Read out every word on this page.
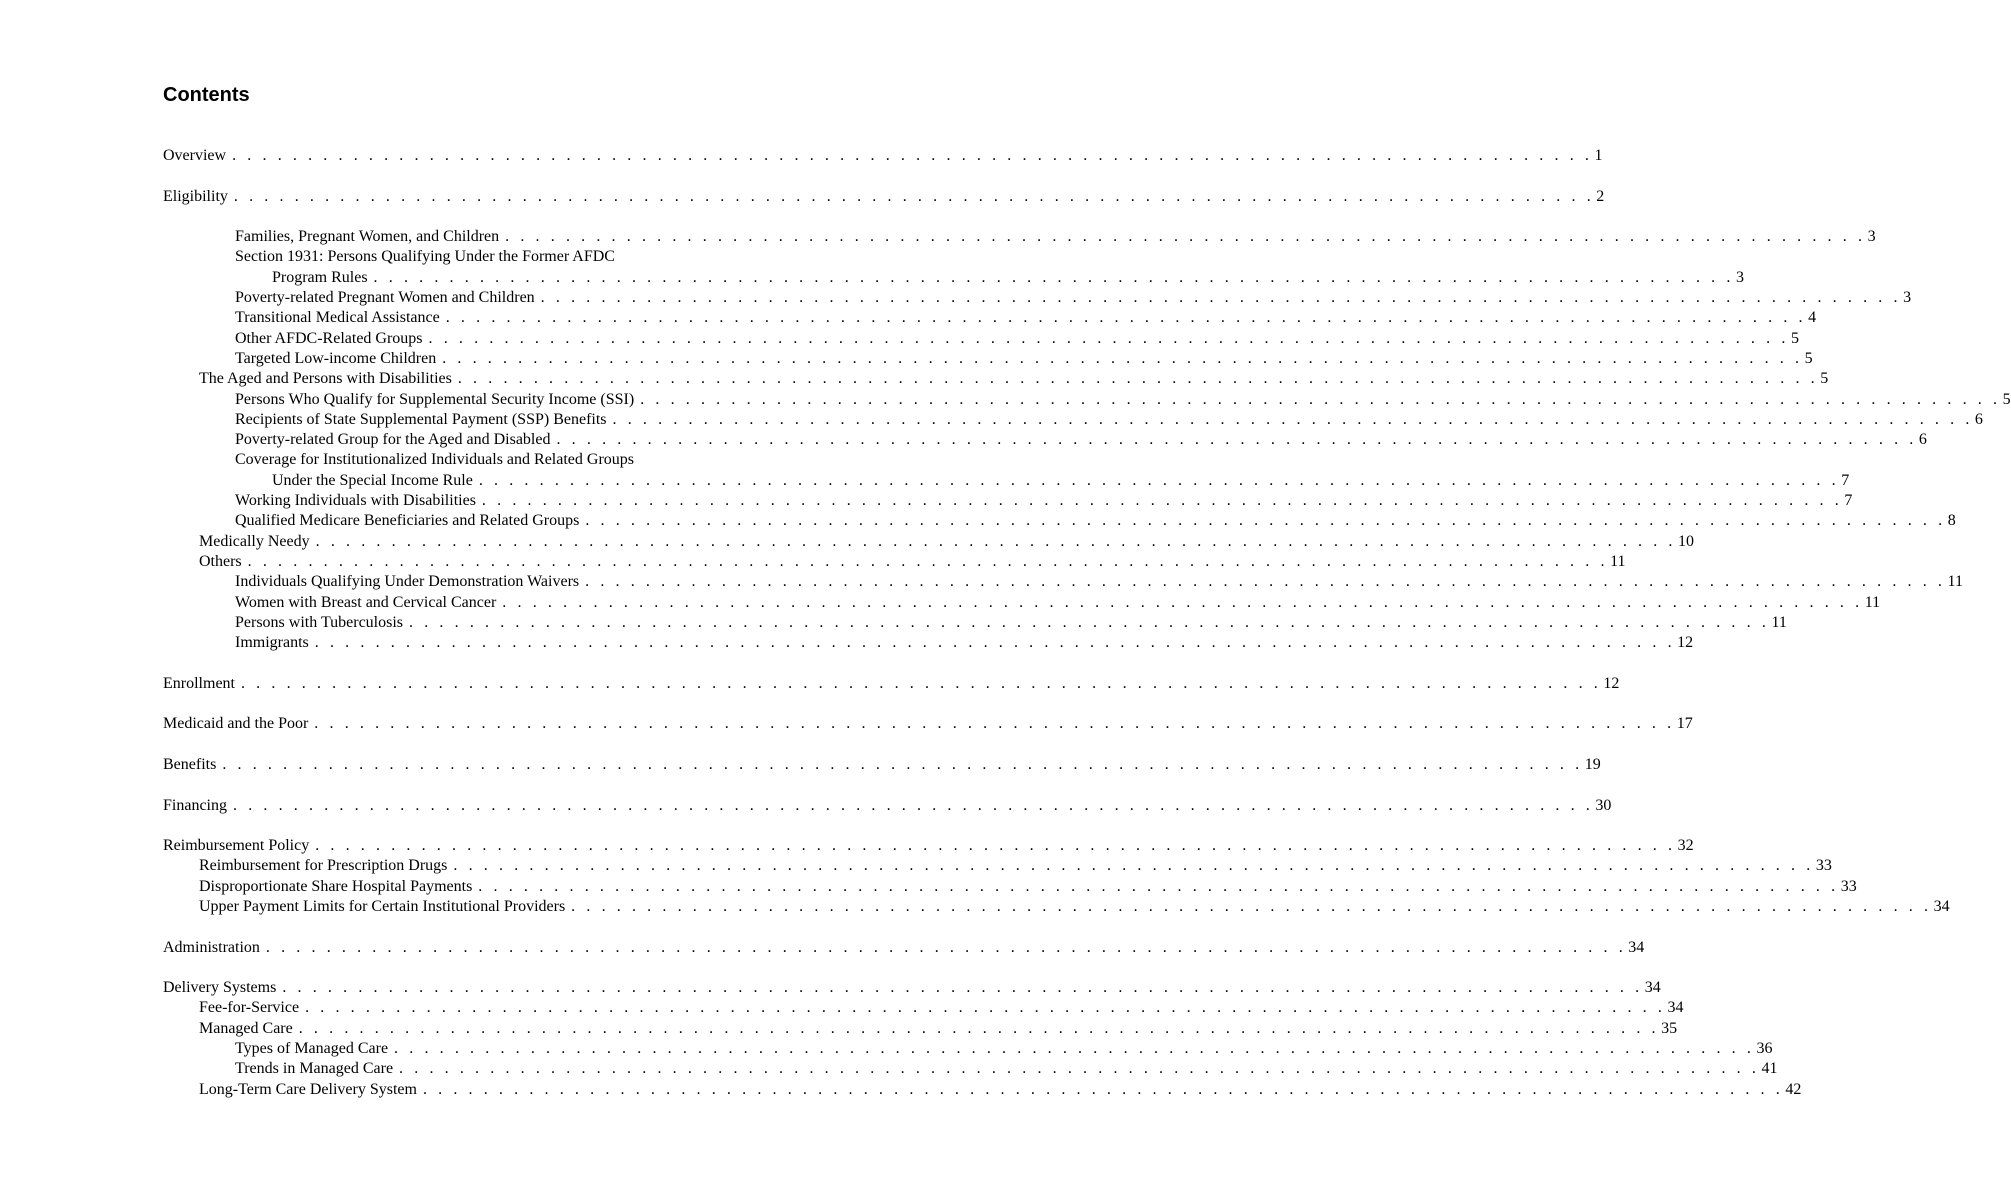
Contents
Overview . . . . . . . . . . . . . . . . . . . . . . . . . . . . . . . . . . . . . . . . . . . . . . . . . . . . . . . . . . . . . . . . . . . . . . . . . . . . . . . . . . . . . . . . . . 1
Eligibility . . . . . . . . . . . . . . . . . . . . . . . . . . . . . . . . . . . . . . . . . . . . . . . . . . . . . . . . . . . . . . . . . . . . . . . . . . . . . . . . . . . . . . . . . . 2
Families, Pregnant Women, and Children . . . . . . . . . . . . . . . . . . . . . . . . . . . . . . . . . . . . . . . . . . . . . . . . . . . . . . . . . . . . . . . . . . . . . . . . . . . . . . . . . . . . . . . . . . 3
Section 1931: Persons Qualifying Under the Former AFDC
Program Rules . . . . . . . . . . . . . . . . . . . . . . . . . . . . . . . . . . . . . . . . . . . . . . . . . . . . . . . . . . . . . . . . . . . . . . . . . . . . . . . . . . . . . . . . . . 3
Poverty-related Pregnant Women and Children . . . . . . . . . . . . . . . . . . . . . . . . . . . . . . . . . . . . . . . . . . . . . . . . . . . . . . . . . . . . . . . . . . . . . . . . . . . . . . . . . . . . . . . . . . 3
Transitional Medical Assistance . . . . . . . . . . . . . . . . . . . . . . . . . . . . . . . . . . . . . . . . . . . . . . . . . . . . . . . . . . . . . . . . . . . . . . . . . . . . . . . . . . . . . . . . . . 4
Other AFDC-Related Groups . . . . . . . . . . . . . . . . . . . . . . . . . . . . . . . . . . . . . . . . . . . . . . . . . . . . . . . . . . . . . . . . . . . . . . . . . . . . . . . . . . . . . . . . . . 5
Targeted Low-income Children . . . . . . . . . . . . . . . . . . . . . . . . . . . . . . . . . . . . . . . . . . . . . . . . . . . . . . . . . . . . . . . . . . . . . . . . . . . . . . . . . . . . . . . . . . 5
The Aged and Persons with Disabilities . . . . . . . . . . . . . . . . . . . . . . . . . . . . . . . . . . . . . . . . . . . . . . . . . . . . . . . . . . . . . . . . . . . . . . . . . . . . . . . . . . . . . . . . . . 5
Persons Who Qualify for Supplemental Security Income (SSI) . . . . . . . . . . . . . . . . . . . . . . . . . . . . . . . . . . . . . . . . . . . . . . . . . . . . . . . . . . . . . . . . . . . . . . . . . . . . . . . . . . . . . . . . . . 5
Recipients of State Supplemental Payment (SSP) Benefits . . . . . . . . . . . . . . . . . . . . . . . . . . . . . . . . . . . . . . . . . . . . . . . . . . . . . . . . . . . . . . . . . . . . . . . . . . . . . . . . . . . . . . . . . . 6
Poverty-related Group for the Aged and Disabled . . . . . . . . . . . . . . . . . . . . . . . . . . . . . . . . . . . . . . . . . . . . . . . . . . . . . . . . . . . . . . . . . . . . . . . . . . . . . . . . . . . . . . . . . . 6
Coverage for Institutionalized Individuals and Related Groups
Under the Special Income Rule . . . . . . . . . . . . . . . . . . . . . . . . . . . . . . . . . . . . . . . . . . . . . . . . . . . . . . . . . . . . . . . . . . . . . . . . . . . . . . . . . . . . . . . . . . 7
Working Individuals with Disabilities . . . . . . . . . . . . . . . . . . . . . . . . . . . . . . . . . . . . . . . . . . . . . . . . . . . . . . . . . . . . . . . . . . . . . . . . . . . . . . . . . . . . . . . . . . 7
Qualified Medicare Beneficiaries and Related Groups . . . . . . . . . . . . . . . . . . . . . . . . . . . . . . . . . . . . . . . . . . . . . . . . . . . . . . . . . . . . . . . . . . . . . . . . . . . . . . . . . . . . . . . . . . 8
Medically Needy . . . . . . . . . . . . . . . . . . . . . . . . . . . . . . . . . . . . . . . . . . . . . . . . . . . . . . . . . . . . . . . . . . . . . . . . . . . . . . . . . . . . . . . . . . 10
Others . . . . . . . . . . . . . . . . . . . . . . . . . . . . . . . . . . . . . . . . . . . . . . . . . . . . . . . . . . . . . . . . . . . . . . . . . . . . . . . . . . . . . . . . . . 11
Individuals Qualifying Under Demonstration Waivers . . . . . . . . . . . . . . . . . . . . . . . . . . . . . . . . . . . . . . . . . . . . . . . . . . . . . . . . . . . . . . . . . . . . . . . . . . . . . . . . . . . . . . . . . . 11
Women with Breast and Cervical Cancer . . . . . . . . . . . . . . . . . . . . . . . . . . . . . . . . . . . . . . . . . . . . . . . . . . . . . . . . . . . . . . . . . . . . . . . . . . . . . . . . . . . . . . . . . . 11
Persons with Tuberculosis . . . . . . . . . . . . . . . . . . . . . . . . . . . . . . . . . . . . . . . . . . . . . . . . . . . . . . . . . . . . . . . . . . . . . . . . . . . . . . . . . . . . . . . . . . 11
Immigrants . . . . . . . . . . . . . . . . . . . . . . . . . . . . . . . . . . . . . . . . . . . . . . . . . . . . . . . . . . . . . . . . . . . . . . . . . . . . . . . . . . . . . . . . . . 12
Enrollment . . . . . . . . . . . . . . . . . . . . . . . . . . . . . . . . . . . . . . . . . . . . . . . . . . . . . . . . . . . . . . . . . . . . . . . . . . . . . . . . . . . . . . . . . . 12
Medicaid and the Poor . . . . . . . . . . . . . . . . . . . . . . . . . . . . . . . . . . . . . . . . . . . . . . . . . . . . . . . . . . . . . . . . . . . . . . . . . . . . . . . . . . . . . . . . . . 17
Benefits . . . . . . . . . . . . . . . . . . . . . . . . . . . . . . . . . . . . . . . . . . . . . . . . . . . . . . . . . . . . . . . . . . . . . . . . . . . . . . . . . . . . . . . . . . 19
Financing . . . . . . . . . . . . . . . . . . . . . . . . . . . . . . . . . . . . . . . . . . . . . . . . . . . . . . . . . . . . . . . . . . . . . . . . . . . . . . . . . . . . . . . . . . 30
Reimbursement Policy . . . . . . . . . . . . . . . . . . . . . . . . . . . . . . . . . . . . . . . . . . . . . . . . . . . . . . . . . . . . . . . . . . . . . . . . . . . . . . . . . . . . . . . . . . 32
Reimbursement for Prescription Drugs . . . . . . . . . . . . . . . . . . . . . . . . . . . . . . . . . . . . . . . . . . . . . . . . . . . . . . . . . . . . . . . . . . . . . . . . . . . . . . . . . . . . . . . . . . 33
Disproportionate Share Hospital Payments . . . . . . . . . . . . . . . . . . . . . . . . . . . . . . . . . . . . . . . . . . . . . . . . . . . . . . . . . . . . . . . . . . . . . . . . . . . . . . . . . . . . . . . . . . 33
Upper Payment Limits for Certain Institutional Providers . . . . . . . . . . . . . . . . . . . . . . . . . . . . . . . . . . . . . . . . . . . . . . . . . . . . . . . . . . . . . . . . . . . . . . . . . . . . . . . . . . . . . . . . . . 34
Administration . . . . . . . . . . . . . . . . . . . . . . . . . . . . . . . . . . . . . . . . . . . . . . . . . . . . . . . . . . . . . . . . . . . . . . . . . . . . . . . . . . . . . . . . . . 34
Delivery Systems . . . . . . . . . . . . . . . . . . . . . . . . . . . . . . . . . . . . . . . . . . . . . . . . . . . . . . . . . . . . . . . . . . . . . . . . . . . . . . . . . . . . . . . . . . 34
Fee-for-Service . . . . . . . . . . . . . . . . . . . . . . . . . . . . . . . . . . . . . . . . . . . . . . . . . . . . . . . . . . . . . . . . . . . . . . . . . . . . . . . . . . . . . . . . . . 34
Managed Care . . . . . . . . . . . . . . . . . . . . . . . . . . . . . . . . . . . . . . . . . . . . . . . . . . . . . . . . . . . . . . . . . . . . . . . . . . . . . . . . . . . . . . . . . . 35
Types of Managed Care . . . . . . . . . . . . . . . . . . . . . . . . . . . . . . . . . . . . . . . . . . . . . . . . . . . . . . . . . . . . . . . . . . . . . . . . . . . . . . . . . . . . . . . . . . 36
Trends in Managed Care . . . . . . . . . . . . . . . . . . . . . . . . . . . . . . . . . . . . . . . . . . . . . . . . . . . . . . . . . . . . . . . . . . . . . . . . . . . . . . . . . . . . . . . . . . 41
Long-Term Care Delivery System . . . . . . . . . . . . . . . . . . . . . . . . . . . . . . . . . . . . . . . . . . . . . . . . . . . . . . . . . . . . . . . . . . . . . . . . . . . . . . . . . . . . . . . . . . 42
